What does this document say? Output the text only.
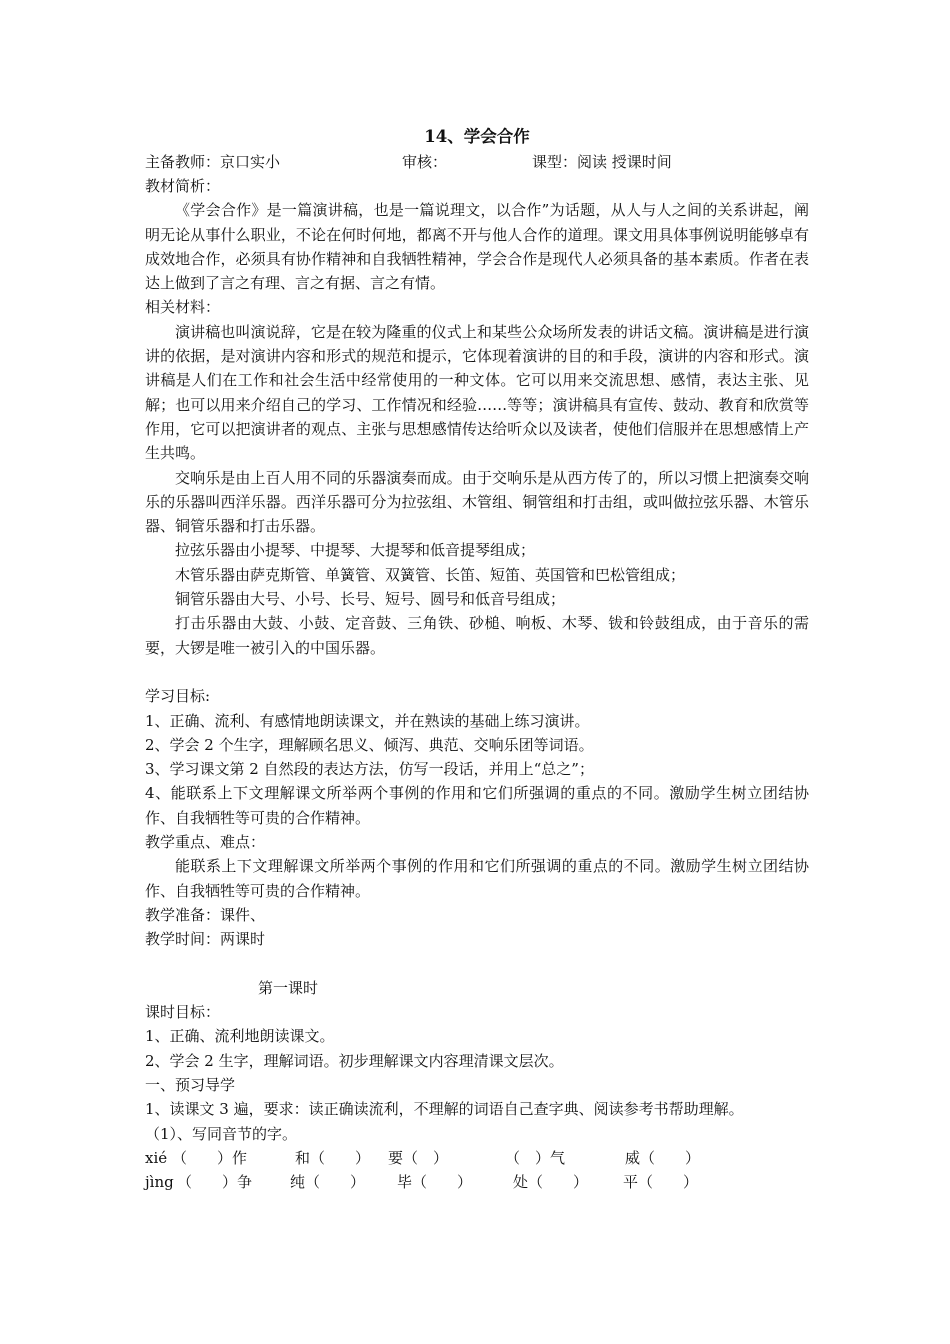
14、学会合作
主备教师：京口实小	审核：	课型：阅读 授课时间
教材简析：
《学会合作》是一篇演讲稿，也是一篇说理文，以合作”为话题，从人与人之间的关系讲起，阐明无论从事什么职业，不论在何时何地，都离不开与他人合作的道理。课文用具体事例说明能够卓有成效地合作，必须具有协作精神和自我牺牲精神，学会合作是现代人必须具备的基本素质。作者在表达上做到了言之有理、言之有据、言之有情。
相关材料：
演讲稿也叫演说辞，它是在较为隆重的仪式上和某些公众场所发表的讲话文稿。演讲稿是进行演讲的依据，是对演讲内容和形式的规范和提示，它体现着演讲的目的和手段，演讲的内容和形式。演讲稿是人们在工作和社会生活中经常使用的一种文体。它可以用来交流思想、感情，表达主张、见解；也可以用来介绍自己的学习、工作情况和经验……等等；演讲稿具有宣传、鼓动、教育和欣赏等作用，它可以把演讲者的观点、主张与思想感情传达给听众以及读者，使他们信服并在思想感情上产生共鸣。
交响乐是由上百人用不同的乐器演奏而成。由于交响乐是从西方传了的，所以习惯上把演奏交响乐的乐器叫西洋乐器。西洋乐器可分为拉弦组、木管组、铜管组和打击组，或叫做拉弦乐器、木管乐器、铜管乐器和打击乐器。
拉弦乐器由小提琴、中提琴、大提琴和低音提琴组成；
木管乐器由萨克斯管、单簧管、双簧管、长笛、短笛、英国管和巴松管组成；
铜管乐器由大号、小号、长号、短号、圆号和低音号组成；
打击乐器由大鼓、小鼓、定音鼓、三角铁、砂槌、响板、木琴、钹和铃鼓组成，由于音乐的需要，大锣是唯一被引入的中国乐器。
学习目标:
1、正确、流利、有感情地朗读课文，并在熟读的基础上练习演讲。
2、学会 2 个生字，理解顾名思义、倾泻、典范、交响乐团等词语。
3、学习课文第 2 自然段的表达方法，仿写一段话，并用上“总之”；
4、能联系上下文理解课文所举两个事例的作用和它们所强调的重点的不同。激励学生树立团结协作、自我牺牲等可贵的合作精神。
教学重点、难点：
能联系上下文理解课文所举两个事例的作用和它们所强调的重点的不同。激励学生树立团结协作、自我牺牲等可贵的合作精神。
教学准备：课件、
教学时间：两课时
第一课时
课时目标：
1、正确、流利地朗读课文。
2、学会 2 生字，理解词语。初步理解课文内容理清课文层次。
一、预习导学
1、读课文 3 遍，要求：读正确读流利，不理解的词语自己查字典、阅读参考书帮助理解。
（1）、写同音节的字。
xié （　　）作	和（　　） 要（　）	（　）气	威（　　）
jìng （　　）争	纯（　　） 毕（　　）	处（　　） 平（　　）
